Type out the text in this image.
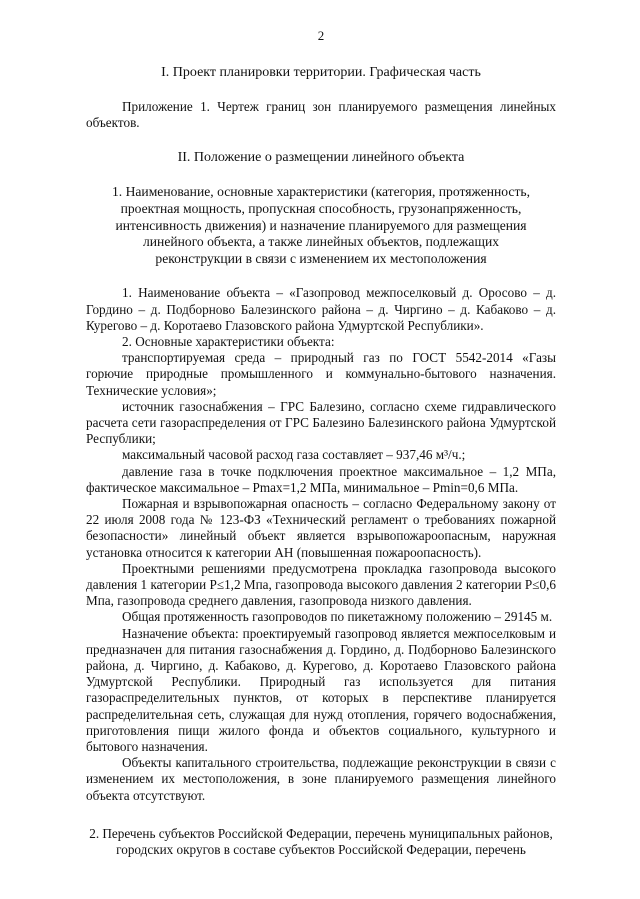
2
I. Проект планировки территории. Графическая часть

Приложение 1. Чертеж границ зон планируемого размещения линейных объектов.

II. Положение о размещении линейного объекта
1. Наименование, основные характеристики (категория, протяженность, проектная мощность, пропускная способность, грузонапряженность, интенсивность движения) и назначение планируемого для размещения линейного объекта, а также линейных объектов, подлежащих реконструкции в связи с изменением их местоположения

1. Наименование объекта – «Газопровод межпоселковый д. Оросово – д. Гордино – д. Подборново Балезинского района – д. Чиргино – д. Кабаково – д. Курегово – д. Коротаево Глазовского района Удмуртской Республики».

2. Основные характеристики объекта:

транспортируемая среда – природный газ по ГОСТ 5542-2014 «Газы горючие природные промышленного и коммунально-бытового назначения. Технические условия»;

источник газоснабжения – ГРС Балезино, согласно схеме гидравлического расчета сети газораспределения от ГРС Балезино Балезинского района Удмуртской Республики;

максимальный часовой расход газа составляет – 937,46 м³/ч.;

давление газа в точке подключения проектное максимальное – 1,2 МПа, фактическое максимальное – Pmax=1,2 МПа, минимальное – Pmin=0,6 МПа.

Пожарная и взрывопожарная опасность – согласно Федеральному закону от 22 июля 2008 года № 123-ФЗ «Технический регламент о требованиях пожарной безопасности» линейный объект является взрывопожароопасным, наружная установка относится к категории АН (повышенная пожароопасность).

Проектными решениями предусмотрена прокладка газопровода высокого давления 1 категории P≤1,2 Мпа, газопровода высокого давления 2 категории P≤0,6 Мпа, газопровода среднего давления, газопровода низкого давления.

Общая протяженность газопроводов по пикетажному положению – 29145 м.

Назначение объекта: проектируемый газопровод является межпоселковым и предназначен для питания газоснабжения д. Гордино, д. Подборново Балезинского района, д. Чиргино, д. Кабаково, д. Курегово, д. Коротаево Глазовского района Удмуртской Республики. Природный газ используется для питания газораспределительных пунктов, от которых в перспективе планируется распределительная сеть, служащая для нужд отопления, горячего водоснабжения, приготовления пищи жилого фонда и объектов социального, культурного и бытового назначения.

Объекты капитального строительства, подлежащие реконструкции в связи с изменением их местоположения, в зоне планируемого размещения линейного объекта отсутствуют.

2. Перечень субъектов Российской Федерации, перечень муниципальных районов, городских округов в составе субъектов Российской Федерации, перечень
